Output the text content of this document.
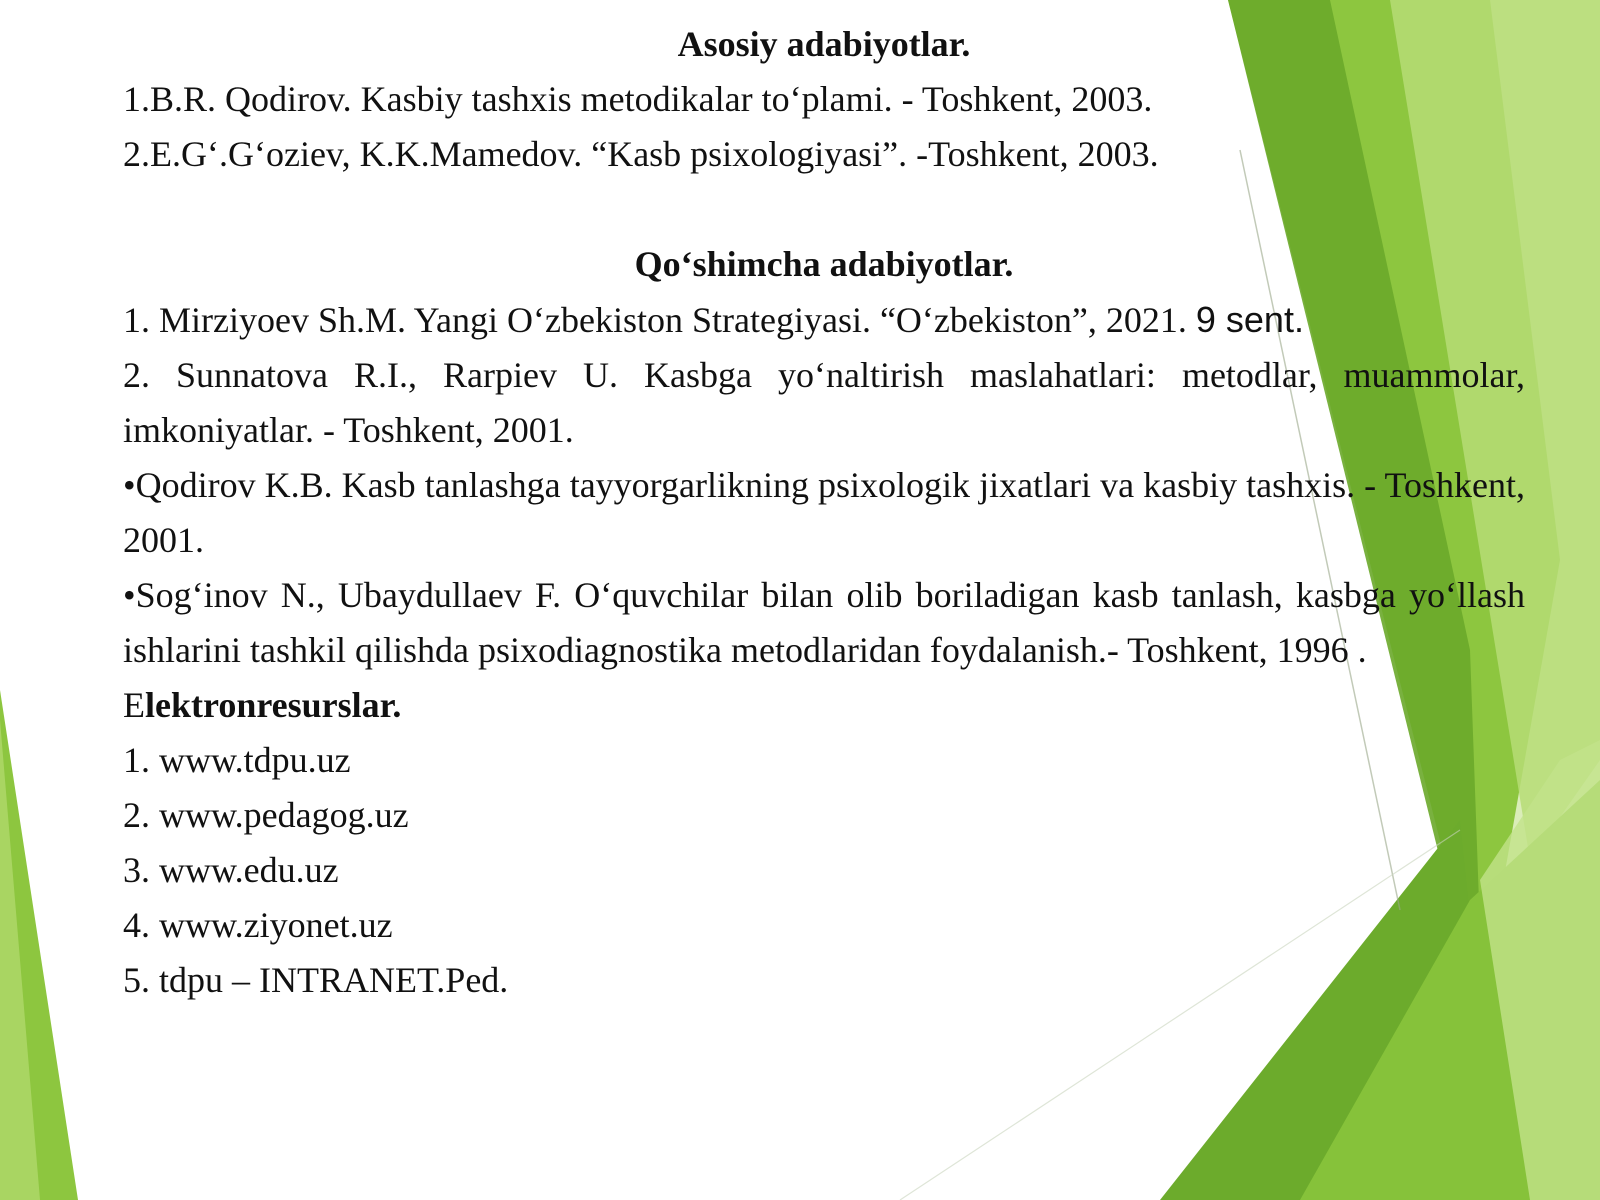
Asosiy adabiyotlar.

1.B.R. Qodirov. Kasbiy tashxis metodikalar to‘plami. - Toshkent, 2003.

2.E.G‘.G‘oziev, K.K.Mamedov. “Kasb psixologiyasi”. -Toshkent, 2003.

Qo‘shimcha adabiyotlar.

1. Mirziyoev Sh.M. Yangi O‘zbekiston Strategiyasi. “O‘zbekiston”, 2021. 9 sent.

2. Sunnatova R.I., Rarpiev U. Kasbga yo‘naltirish maslahatlari: metodlar, muammolar, imkoniyatlar. - Toshkent, 2001.

•Qodirov K.B. Kasb tanlashga tayyorgarlikning psixologik jixatlari va kasbiy tashxis. - Toshkent, 2001.

•Sog‘inov N., Ubaydullaev F. O‘quvchilar bilan olib boriladigan kasb tanlash, kasbga yo‘llash ishlarini tashkil qilishda psixodiagnostika metodlaridan foydalanish.- Toshkent, 1996 .

Elektronresurslar.

1. www.tdpu.uz

2. www.pedagog.uz

3. www.edu.uz

4. www.ziyonet.uz

5. tdpu – INTRANET.Ped.
